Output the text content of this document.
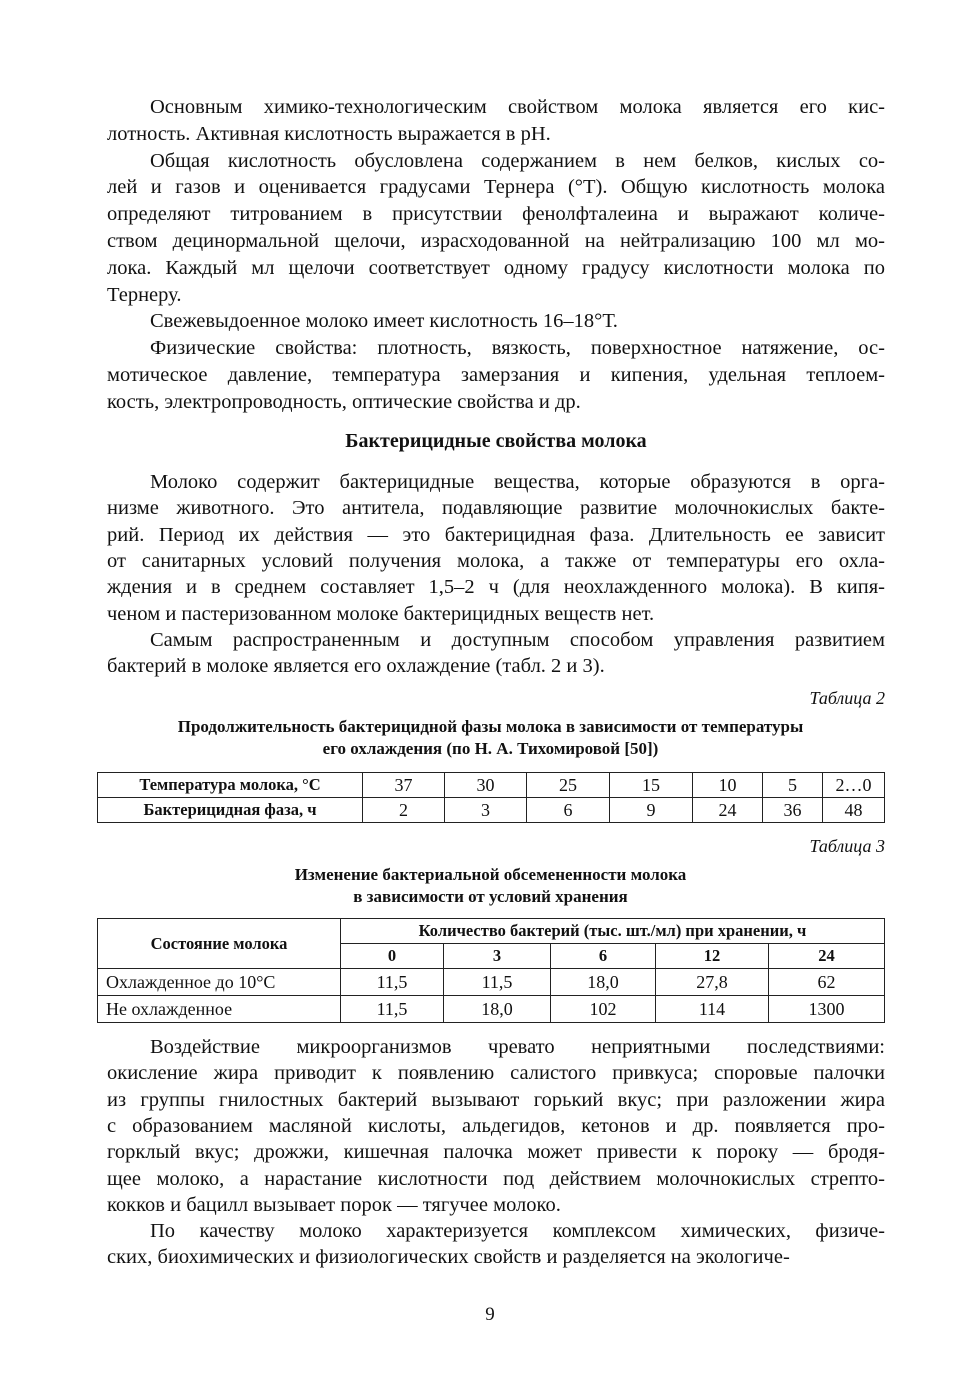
Основным химико-технологическим свойством молока является его кис-
лотность. Активная кислотность выражается в pH.
Общая кислотность обусловлена содержанием в нем белков, кислых со-
лей и газов и оценивается градусами Тернера (°Т). Общую кислотность молока
определяют титрованием в присутствии фенолфталеина и выражают количе-
ством децинормальной щелочи, израсходованной на нейтрализацию 100 мл мо-
лока. Каждый мл щелочи соответствует одному градусу кислотности молока по
Тернеру.
Свежевыдоенное молоко имеет кислотность 16–18°Т.
Физические свойства: плотность, вязкость, поверхностное натяжение, ос-
мотическое давление, температура замерзания и кипения, удельная теплоем-
кость, электропроводность, оптические свойства и др.
Бактерицидные свойства молока
Молоко содержит бактерицидные вещества, которые образуются в орга-
низме животного. Это антитела, подавляющие развитие молочнокислых бакте-
рий. Период их действия — это бактерицидная фаза. Длительность ее зависит
от санитарных условий получения молока, а также от температуры его охла-
ждения и в среднем составляет 1,5–2 ч (для неохлажденного молока). В кипя-
ченом и пастеризованном молоке бактерицидных веществ нет.
Самым распространенным и доступным способом управления развитием
бактерий в молоке является его охлаждение (табл. 2 и 3).
Таблица 2
Продолжительность бактерицидной фазы молока в зависимости от температуры
его охлаждения (по Н. А. Тихомировой [50])
Температура молока, °С	37	30	25	15	10	5	2…0
Бактерицидная фаза, ч	2	3	6	9	24	36	48
Таблица 3
Изменение бактериальной обсемененности молока
в зависимости от условий хранения
Состояние молока	Количество бактерий (тыс. шт./мл) при хранении, ч				
	0	3	6	12	24
Охлажденное до 10°С	11,5	11,5	18,0	27,8	62
Не охлажденное	11,5	18,0	102	114	1300
Воздействие микроорганизмов чревато неприятными последствиями:
окисление жира приводит к появлению салистого привкуса; споровые палочки
из группы гнилостных бактерий вызывают горький вкус; при разложении жира
с образованием масляной кислоты, альдегидов, кетонов и др. появляется про-
горклый вкус; дрожжи, кишечная палочка может привести к пороку — бродя-
щее молоко, а нарастание кислотности под действием молочнокислых стрепто-
кокков и бацилл вызывает порок — тягучее молоко.
По качеству молоко характеризуется комплексом химических, физиче-
ских, биохимических и физиологических свойств и разделяется на экологиче-
9
